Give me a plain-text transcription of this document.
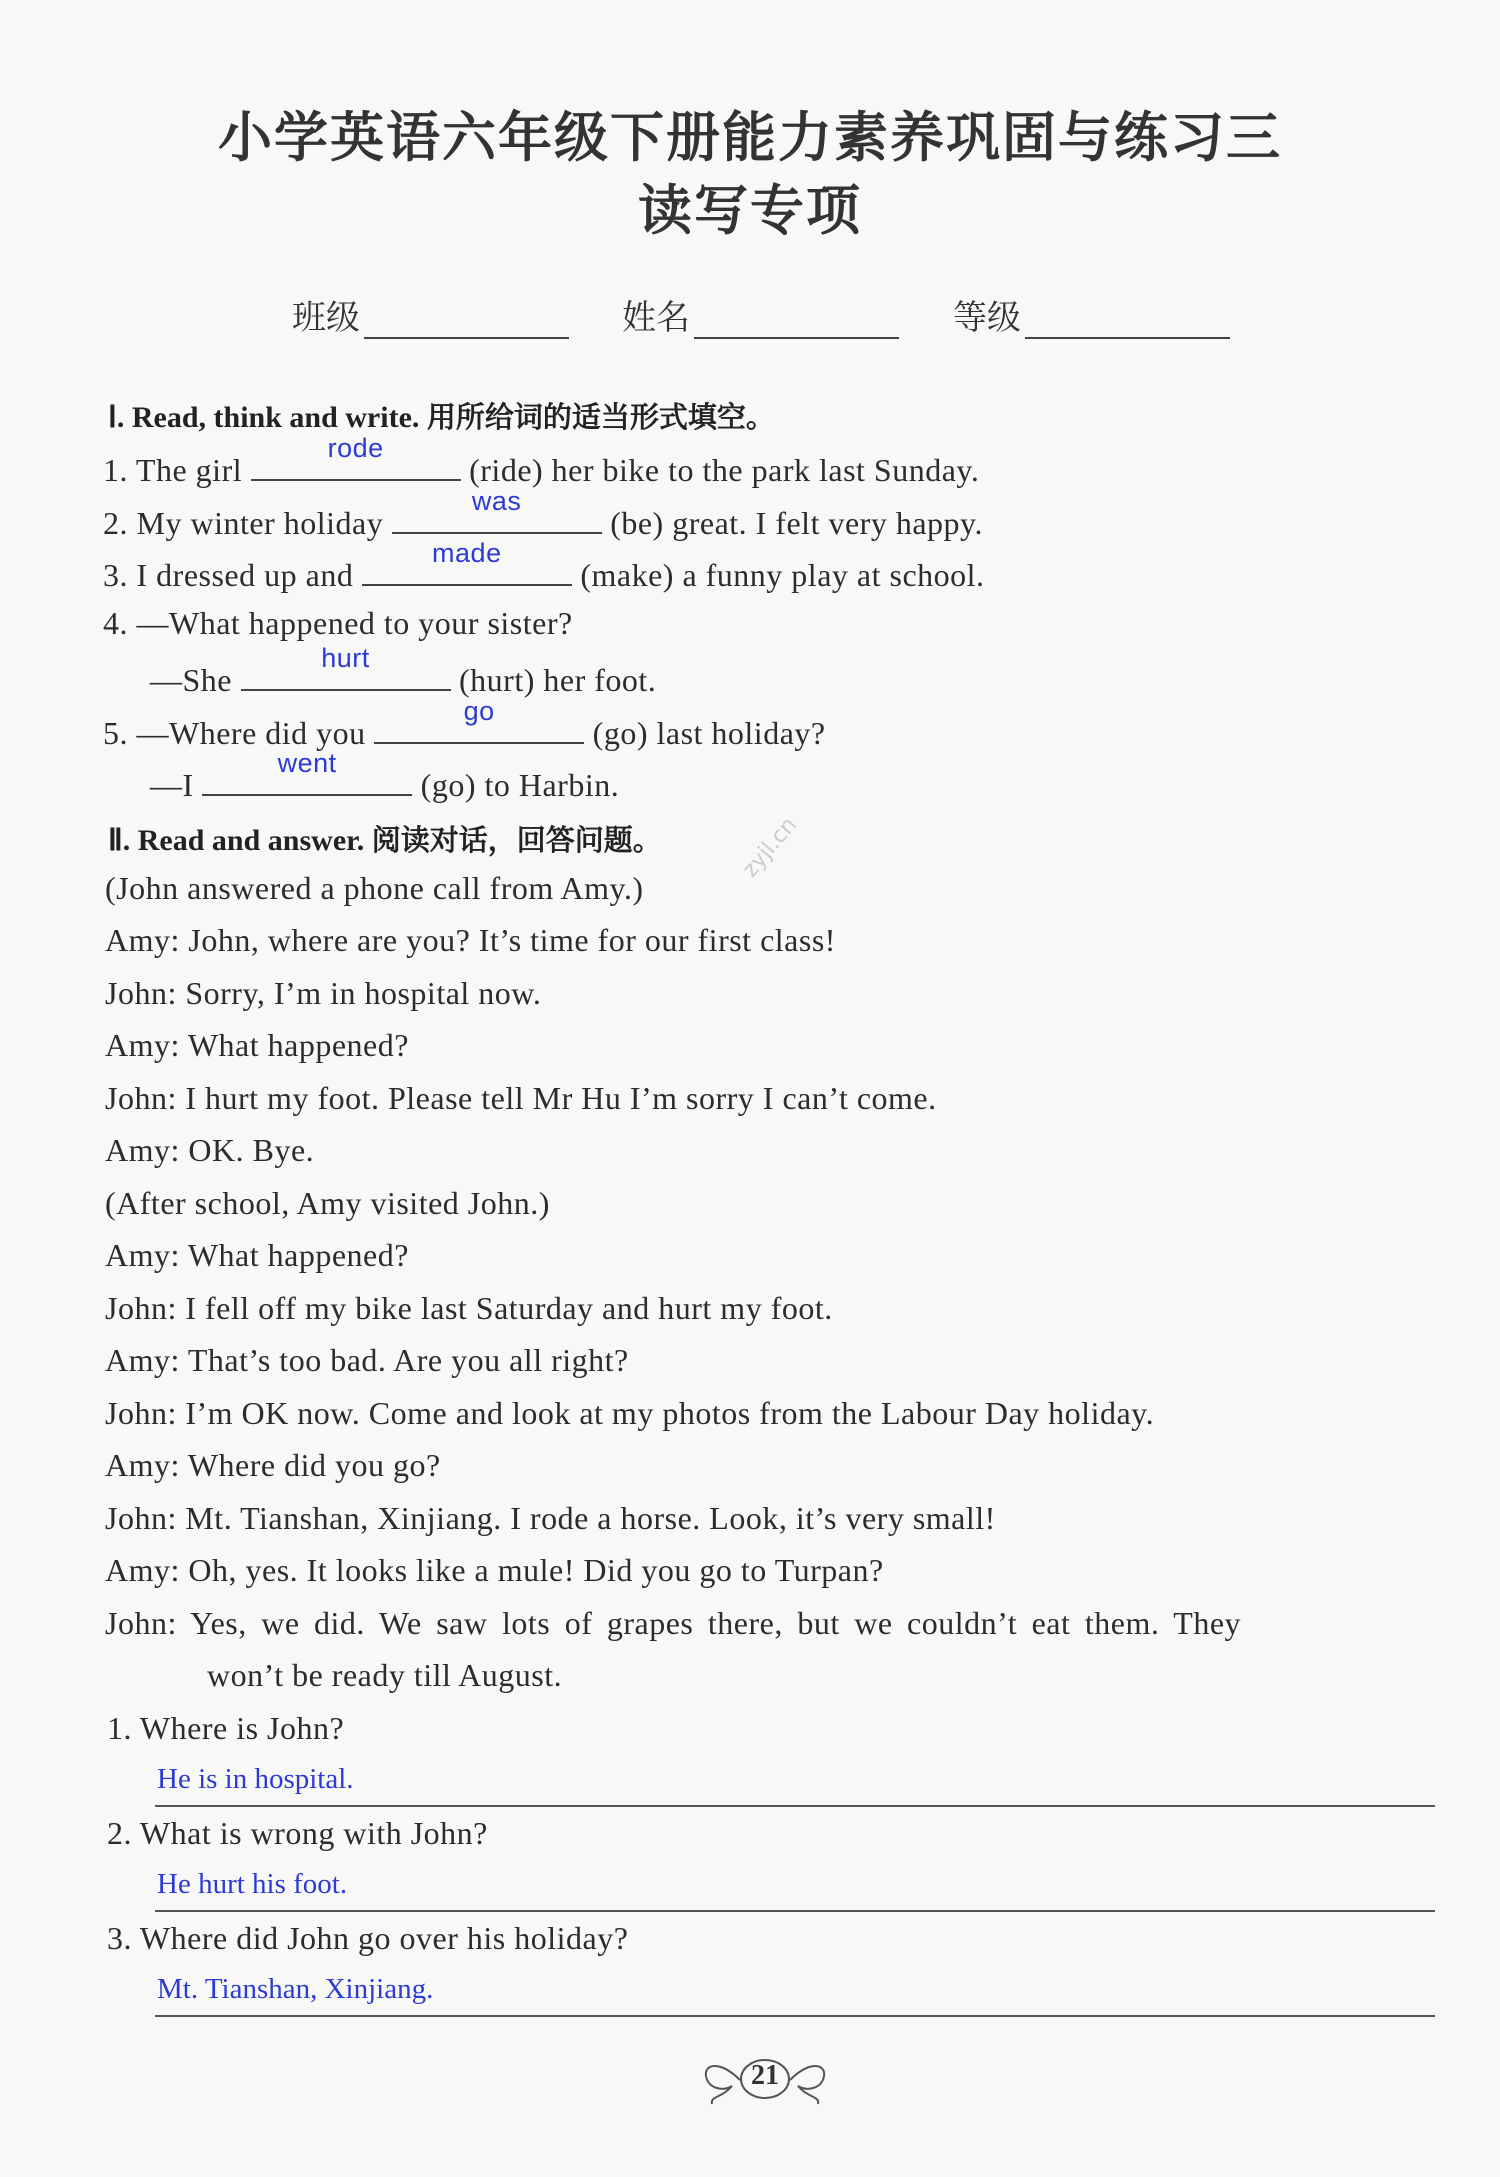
小学英语六年级下册能力素养巩固与练习三
读写专项
班级	姓名	等级
Ⅰ. Read, think and write. 用所给词的适当形式填空。
1. The girl
rode
(ride) her bike to the park last Sunday.
2. My winter holiday
was
(be) great. I felt very happy.
3. I dressed up and
made
(make) a funny play at school.
4. —What happened to your sister?
—She
hurt
(hurt) her foot.
5. —Where did you
go
(go) last holiday?
—I
went
(go) to Harbin.
Ⅱ. Read and answer. 阅读对话，回答问题。	zyjl.cn
(John answered a phone call from Amy.)
Amy: John, where are you? It’s time for our first class!
John: Sorry, I’m in hospital now.
Amy: What happened?
John: I hurt my foot. Please tell Mr Hu I’m sorry I can’t come.
Amy: OK. Bye.
(After school, Amy visited John.)
Amy: What happened?
John: I fell off my bike last Saturday and hurt my foot.
Amy: That’s too bad. Are you all right?
John: I’m OK now. Come and look at my photos from the Labour Day holiday.
Amy: Where did you go?
John: Mt. Tianshan, Xinjiang. I rode a horse. Look, it’s very small!
Amy: Oh, yes. It looks like a mule! Did you go to Turpan?
John: Yes, we did. We saw lots of grapes there, but we couldn’t eat them. They
won’t be ready till August.
1. Where is John?
He is in hospital.
2. What is wrong with John?
He hurt his foot.
3. Where did John go over his holiday?
Mt. Tianshan, Xinjiang.
21
